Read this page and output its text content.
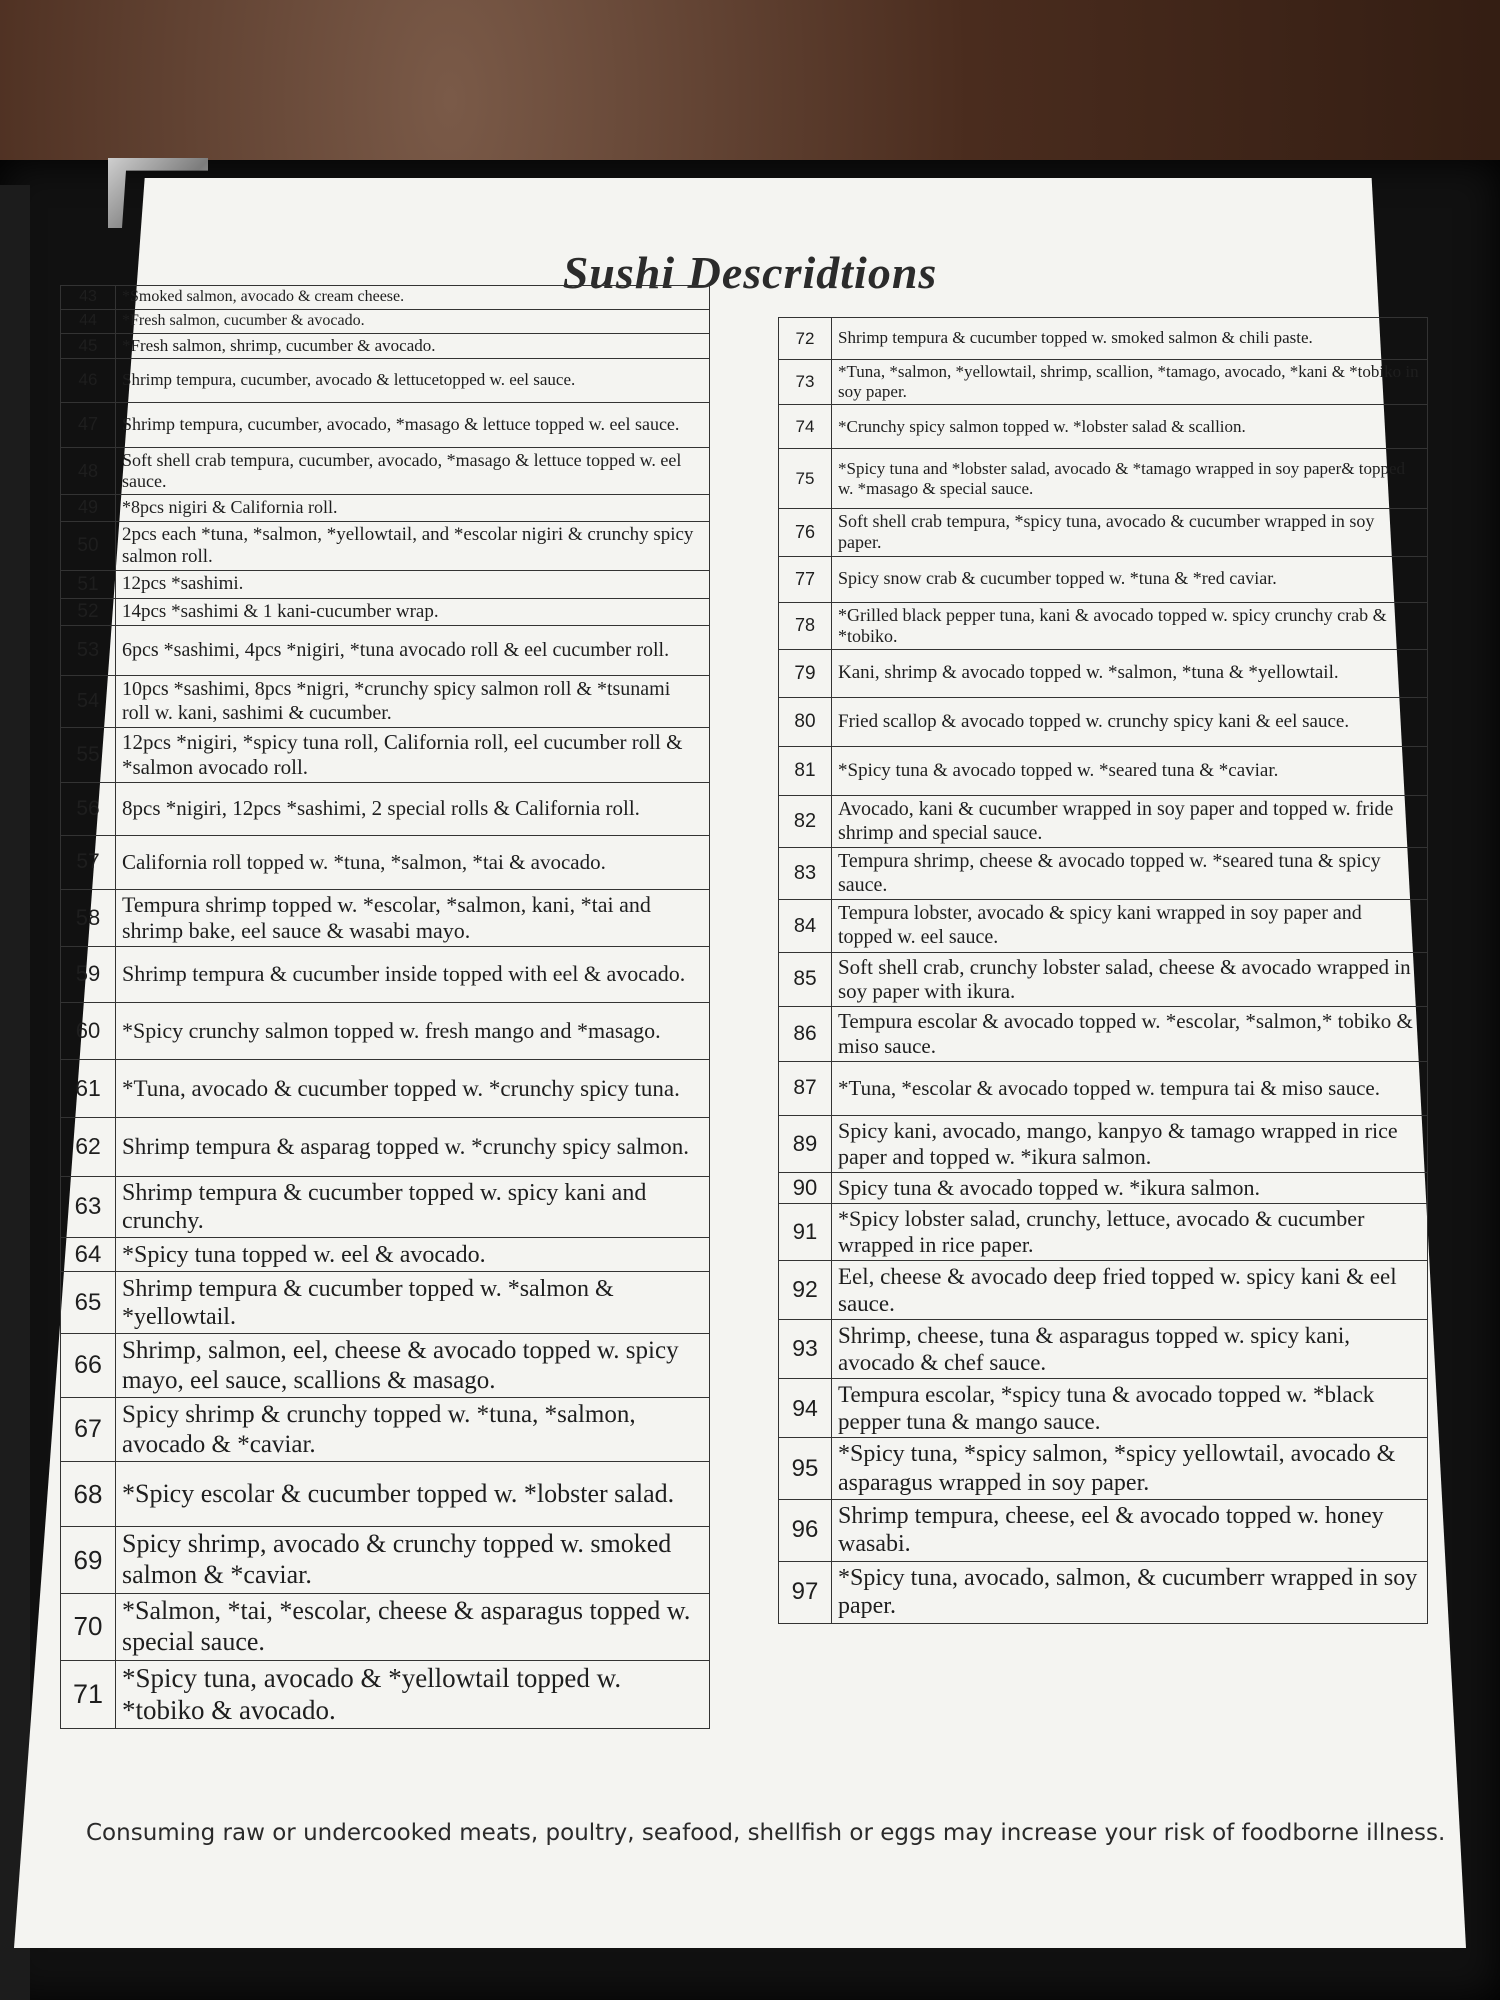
Sushi Descridtions
43	*Smoked salmon, avocado & cream cheese.
44	*Fresh salmon, cucumber & avocado.
45	*Fresh salmon, shrimp, cucumber & avocado.
46	Shrimp tempura, cucumber, avocado & lettucetopped w. eel sauce.
47	Shrimp tempura, cucumber, avocado, *masago & lettuce topped w. eel sauce.
48	Soft shell crab tempura, cucumber, avocado, *masago & lettuce topped w. eel sauce.
49	*8pcs nigiri & California roll.
50	2pcs each *tuna, *salmon, *yellowtail, and *escolar nigiri & crunchy spicy salmon roll.
51	12pcs *sashimi.
52	14pcs *sashimi & 1 kani-cucumber wrap.
53	6pcs *sashimi, 4pcs *nigiri, *tuna avocado roll & eel cucumber roll.
54	10pcs *sashimi, 8pcs *nigri, *crunchy spicy salmon roll & *tsunami roll w. kani, sashimi & cucumber.
55	12pcs *nigiri, *spicy tuna roll, California roll, eel cucumber roll & *salmon avocado roll.
56	8pcs *nigiri, 12pcs *sashimi, 2 special rolls & California roll.
57	California roll topped w. *tuna, *salmon, *tai & avocado.
58	Tempura shrimp topped w. *escolar, *salmon, kani, *tai and shrimp bake, eel sauce & wasabi mayo.
59	Shrimp tempura & cucumber inside topped with eel & avocado.
60	*Spicy crunchy salmon topped w. fresh mango and *masago.
61	*Tuna, avocado & cucumber topped w. *crunchy spicy tuna.
62	Shrimp tempura & asparag topped w. *crunchy spicy salmon.
63	Shrimp tempura & cucumber topped w. spicy kani and crunchy.
64	*Spicy tuna topped w. eel & avocado.
65	Shrimp tempura & cucumber topped w. *salmon & *yellowtail.
66	Shrimp, salmon, eel, cheese & avocado topped w. spicy mayo, eel sauce, scallions & masago.
67	Spicy shrimp & crunchy topped w. *tuna, *salmon, avocado & *caviar.
68	*Spicy escolar & cucumber topped w. *lobster salad.
69	Spicy shrimp, avocado & crunchy topped w. smoked salmon & *caviar.
70	*Salmon, *tai, *escolar, cheese & asparagus topped w. special sauce.
71	*Spicy tuna, avocado & *yellowtail topped w. *tobiko & avocado.
72	Shrimp tempura & cucumber topped w. smoked salmon & chili paste.
73	*Tuna, *salmon, *yellowtail, shrimp, scallion, *tamago, avocado, *kani & *tobiko in soy paper.
74	*Crunchy spicy salmon topped w. *lobster salad & scallion.
75	*Spicy tuna and *lobster salad, avocado & *tamago wrapped in soy paper& topped w. *masago & special sauce.
76	Soft shell crab tempura, *spicy tuna, avocado & cucumber wrapped in soy paper.
77	Spicy snow crab & cucumber topped w. *tuna & *red caviar.
78	*Grilled black pepper tuna, kani & avocado topped w. spicy crunchy crab & *tobiko.
79	Kani, shrimp & avocado topped w. *salmon, *tuna & *yellowtail.
80	Fried scallop & avocado topped w. crunchy spicy kani & eel sauce.
81	*Spicy tuna & avocado topped w. *seared tuna & *caviar.
82	Avocado, kani & cucumber wrapped in soy paper and topped w. fride shrimp and special sauce.
83	Tempura shrimp, cheese & avocado topped w. *seared tuna & spicy sauce.
84	Tempura lobster, avocado & spicy kani wrapped in soy paper and topped w. eel sauce.
85	Soft shell crab, crunchy lobster salad, cheese & avocado wrapped in soy paper with ikura.
86	Tempura escolar & avocado topped w. *escolar, *salmon,* tobiko & miso sauce.
87	*Tuna, *escolar & avocado topped w. tempura tai & miso sauce.
89	Spicy kani, avocado, mango, kanpyo & tamago wrapped in rice paper and topped w. *ikura salmon.
90	Spicy tuna & avocado topped w. *ikura salmon.
91	*Spicy lobster salad, crunchy, lettuce, avocado & cucumber wrapped in rice paper.
92	Eel, cheese & avocado deep fried topped w. spicy kani & eel sauce.
93	Shrimp, cheese, tuna & asparagus topped w. spicy kani, avocado & chef sauce.
94	Tempura escolar, *spicy tuna & avocado topped w. *black pepper tuna & mango sauce.
95	*Spicy tuna, *spicy salmon, *spicy yellowtail, avocado & asparagus wrapped in soy paper.
96	Shrimp tempura, cheese, eel & avocado topped w. honey wasabi.
97	*Spicy tuna, avocado, salmon, & cucumberr wrapped in soy paper.
Consuming raw or undercooked meats, poultry, seafood, shellfish or eggs may increase your risk of foodborne illness.
